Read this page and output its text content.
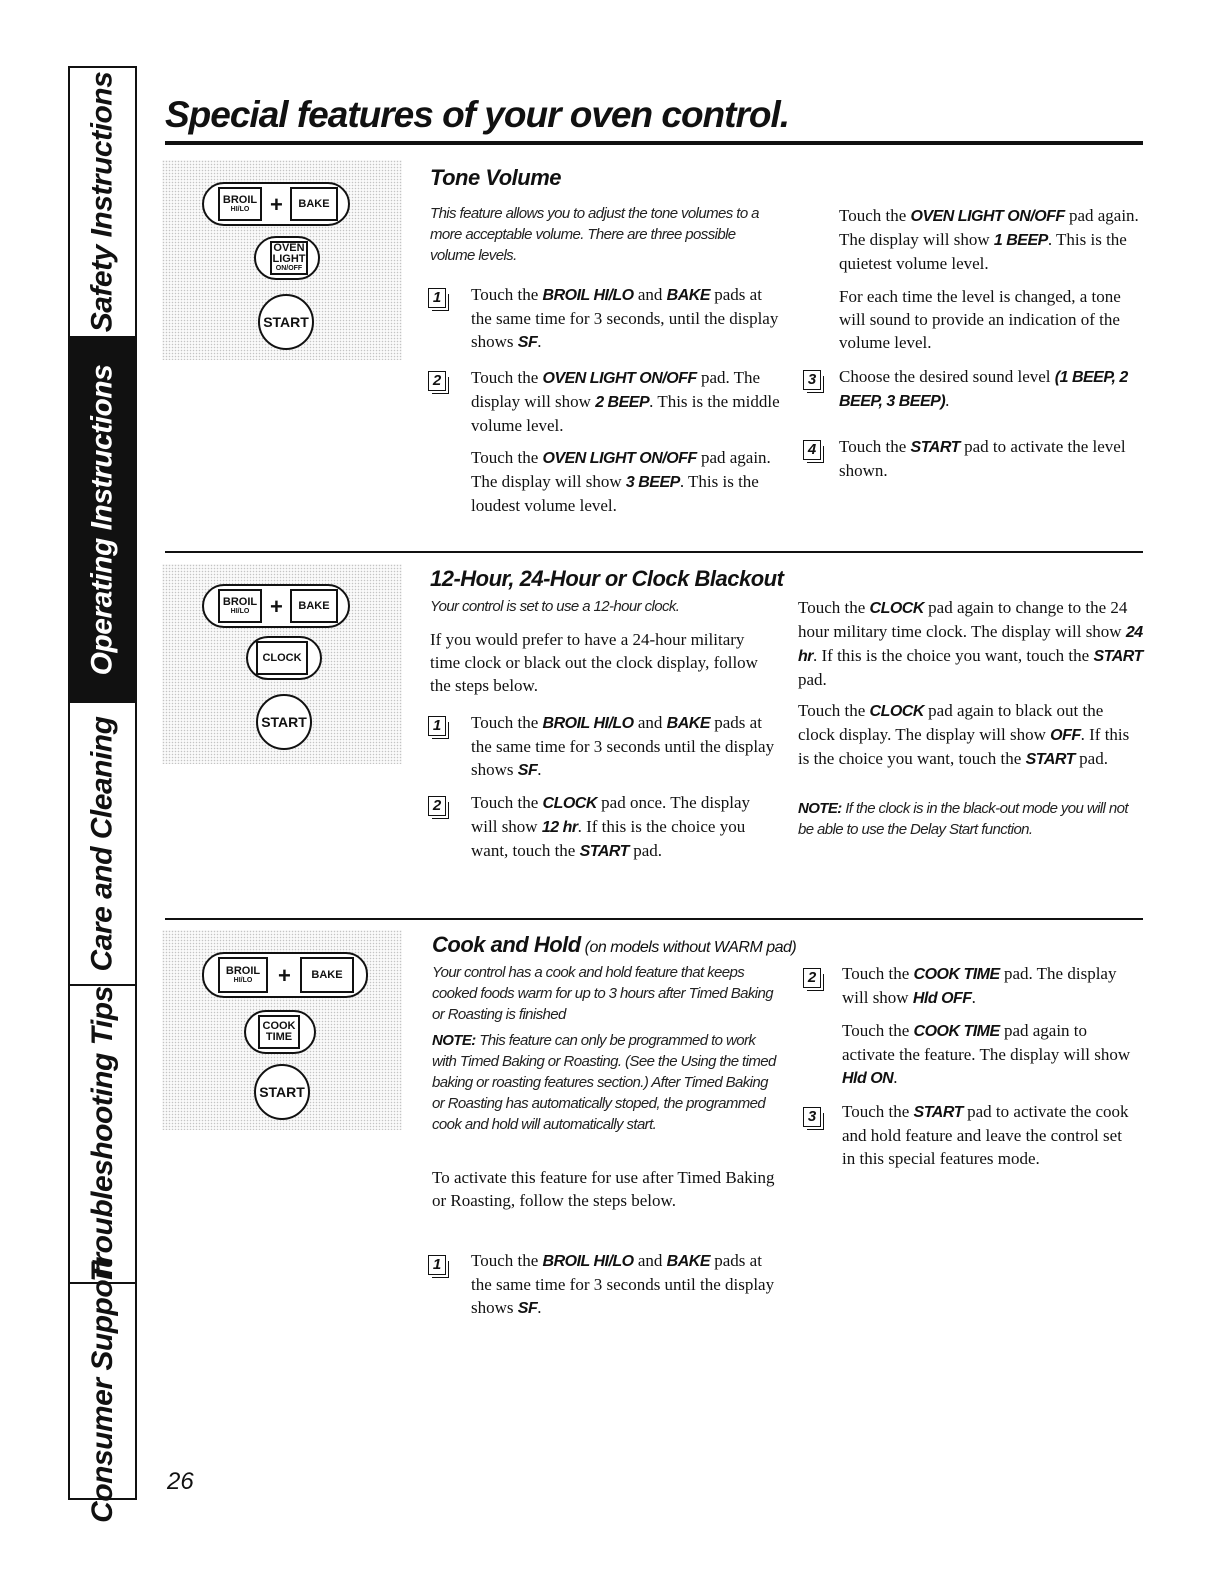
Safety Instructions
Operating Instructions
Care and Cleaning
Troubleshooting Tips
Consumer Support
Special features of your oven control.
BROIL
HI/LO + BAKE
OVEN
LIGHT
ON/OFF
START
Tone Volume

This feature allows you to adjust the tone volumes to a more acceptable volume. There are three possible volume levels.

1 Touch the BROIL HI/LO and BAKE pads at the same time for 3 seconds, until the display shows SF.

2 Touch the OVEN LIGHT ON/OFF pad. The display will show 2 BEEP. This is the middle volume level.

Touch the OVEN LIGHT ON/OFF pad again. The display will show 3 BEEP. This is the loudest volume level.

Touch the OVEN LIGHT ON/OFF pad again. The display will show 1 BEEP. This is the quietest volume level.

For each time the level is changed, a tone will sound to provide an indication of the volume level.

3 Choose the desired sound level (1 BEEP, 2 BEEP, 3 BEEP).

4 Touch the START pad to activate the level shown.

BROIL
HI/LO + BAKE
CLOCK
START
12-Hour, 24-Hour or Clock Blackout

Your control is set to use a 12-hour clock.

If you would prefer to have a 24-hour military time clock or black out the clock display, follow the steps below.

1 Touch the BROIL HI/LO and BAKE pads at the same time for 3 seconds until the display shows SF.

2 Touch the CLOCK pad once. The display will show 12 hr. If this is the choice you want, touch the START pad.

Touch the CLOCK pad again to change to the 24 hour military time clock. The display will show 24 hr. If this is the choice you want, touch the START pad.

Touch the CLOCK pad again to black out the clock display. The display will show OFF. If this is the choice you want, touch the START pad.

NOTE: If the clock is in the black-out mode you will not be able to use the Delay Start function.

BROIL
HI/LO + BAKE
COOK
TIME
START
Cook and Hold (on models without WARM pad)

Your control has a cook and hold feature that keeps cooked foods warm for up to 3 hours after Timed Baking or Roasting is finished

NOTE: This feature can only be programmed to work with Timed Baking or Roasting. (See the Using the timed baking or roasting features section.) After Timed Baking or Roasting has automatically stoped, the programmed cook and hold will automatically start.

To activate this feature for use after Timed Baking or Roasting, follow the steps below.

1 Touch the BROIL HI/LO and BAKE pads at the same time for 3 seconds until the display shows SF.

2 Touch the COOK TIME pad. The display will show Hld OFF.

Touch the COOK TIME pad again to activate the feature. The display will show Hld ON.

3 Touch the START pad to activate the cook and hold feature and leave the control set in this special features mode.

26
